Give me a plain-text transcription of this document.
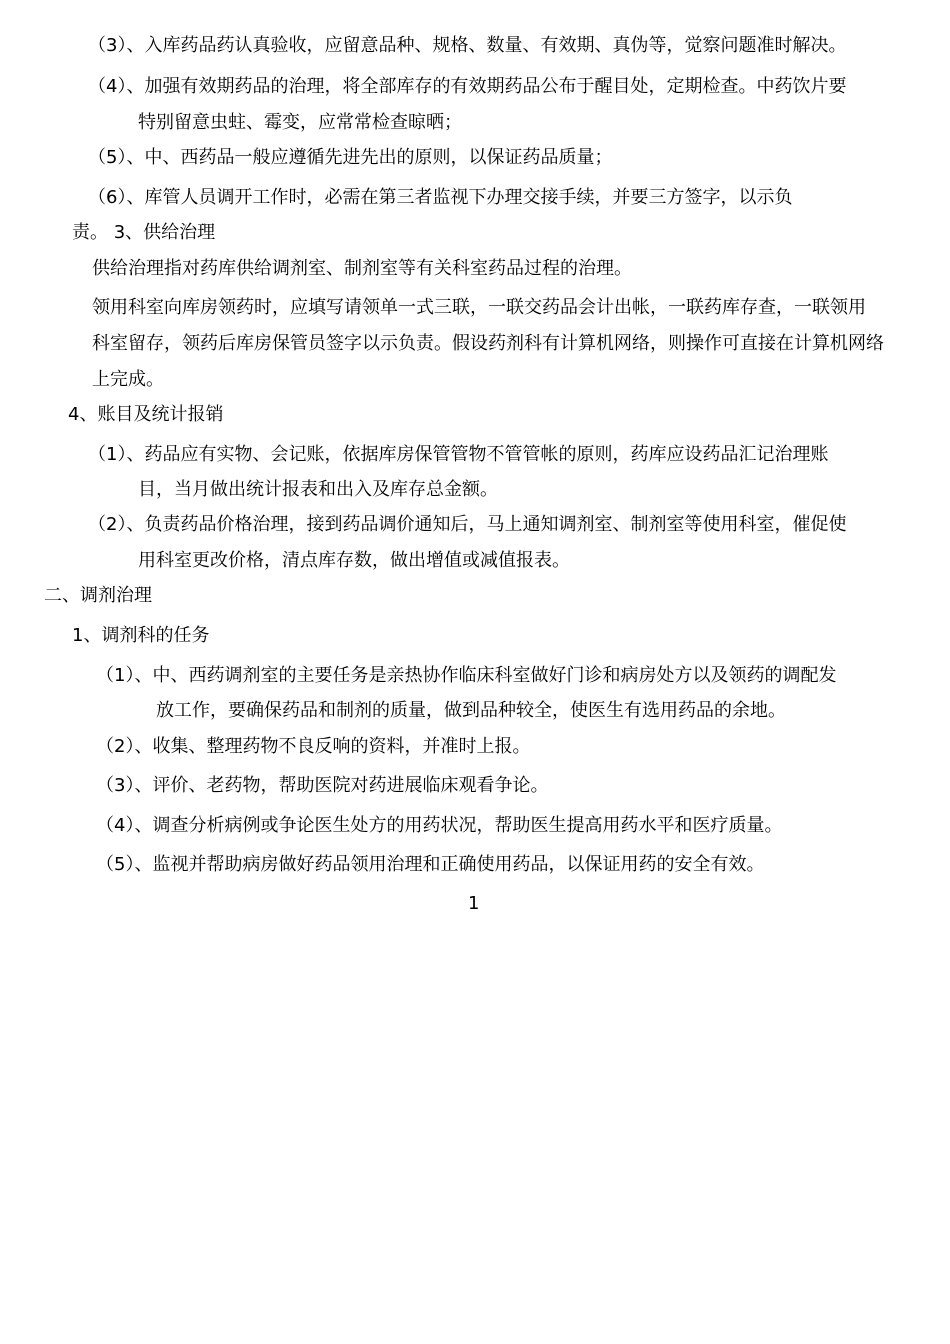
（3）、入库药品药认真验收，应留意品种、规格、数量、有效期、真伪等，觉察问题准时解决。
（4）、加强有效期药品的治理，将全部库存的有效期药品公布于醒目处，定期检查。中药饮片要
特别留意虫蛀、霉变，应常常检查晾晒；
（5）、中、西药品一般应遵循先进先出的原则，以保证药品质量；
（6）、库管人员调开工作时，必需在第三者监视下办理交接手续，并要三方签字，以示负
责。 3、供给治理
供给治理指对药库供给调剂室、制剂室等有关科室药品过程的治理。
领用科室向库房领药时，应填写请领单一式三联，一联交药品会计出帐，一联药库存查，一联领用
科室留存，领药后库房保管员签字以示负责。假设药剂科有计算机网络，则操作可直接在计算机网络
上完成。
4、账目及统计报销
（1）、药品应有实物、会记账，依据库房保管管物不管管帐的原则，药库应设药品汇记治理账
目，当月做出统计报表和出入及库存总金额。
（2）、负责药品价格治理，接到药品调价通知后，马上通知调剂室、制剂室等使用科室，催促使
用科室更改价格，清点库存数，做出增值或减值报表。
二、调剂治理
1、调剂科的任务
（1）、中、西药调剂室的主要任务是亲热协作临床科室做好门诊和病房处方以及领药的调配发
放工作，要确保药品和制剂的质量，做到品种较全，使医生有选用药品的余地。
（2）、收集、整理药物不良反响的资料，并准时上报。
（3）、评价、老药物，帮助医院对药进展临床观看争论。
（4）、调查分析病例或争论医生处方的用药状况，帮助医生提高用药水平和医疗质量。
（5）、监视并帮助病房做好药品领用治理和正确使用药品，以保证用药的安全有效。
1
